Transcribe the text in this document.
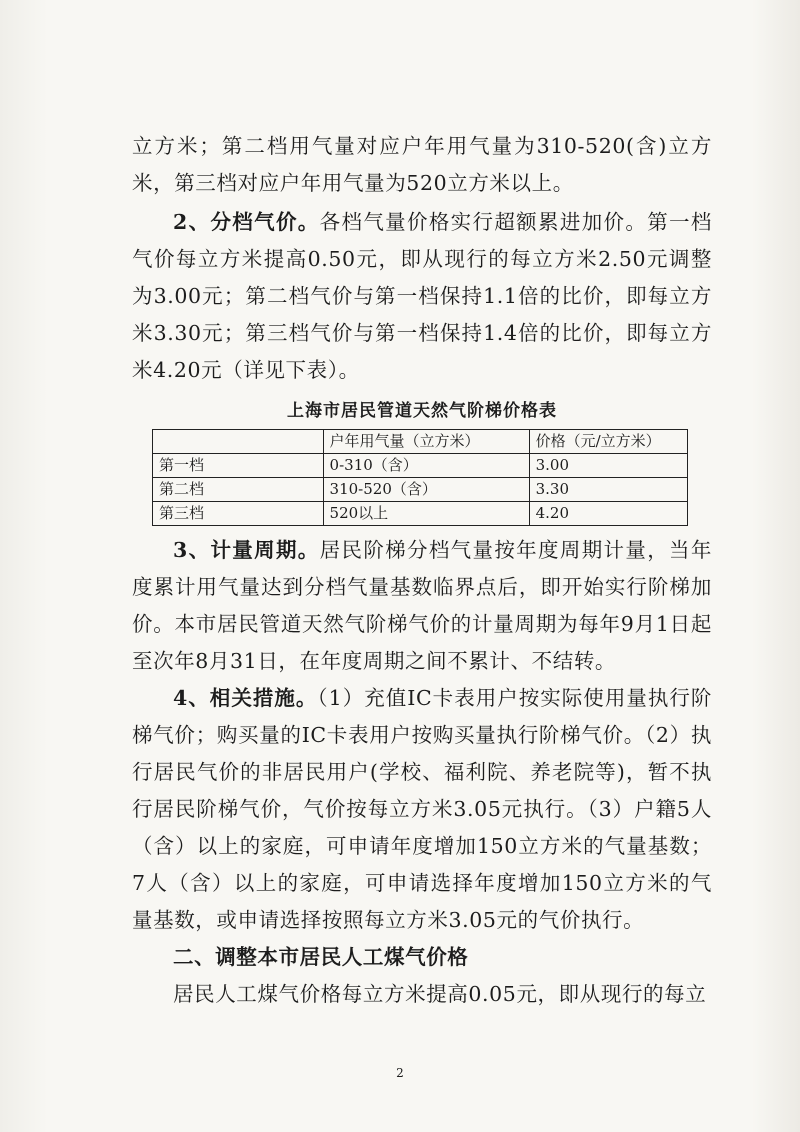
立方米；第二档用气量对应户年用气量为310-520(含)立方米，第三档对应户年用气量为520立方米以上。

2、分档气价。各档气量价格实行超额累进加价。第一档气价每立方米提高0.50元，即从现行的每立方米2.50元调整为3.00元；第二档气价与第一档保持1.1倍的比价，即每立方米3.30元；第三档气价与第一档保持1.4倍的比价，即每立方米4.20元（详见下表）。

上海市居民管道天然气阶梯价格表
	户年用气量（立方米）	价格（元/立方米）
第一档	0-310（含）	3.00
第二档	310-520（含）	3.30
第三档	520以上	4.20

3、计量周期。居民阶梯分档气量按年度周期计量，当年度累计用气量达到分档气量基数临界点后，即开始实行阶梯加价。本市居民管道天然气阶梯气价的计量周期为每年9月1日起至次年8月31日，在年度周期之间不累计、不结转。

4、相关措施。（1）充值IC卡表用户按实际使用量执行阶梯气价；购买量的IC卡表用户按购买量执行阶梯气价。（2）执行居民气价的非居民用户(学校、福利院、养老院等)，暂不执行居民阶梯气价，气价按每立方米3.05元执行。（3）户籍5人（含）以上的家庭，可申请年度增加150立方米的气量基数；7人（含）以上的家庭，可申请选择年度增加150立方米的气量基数，或申请选择按照每立方米3.05元的气价执行。

二、调整本市居民人工煤气价格

居民人工煤气价格每立方米提高0.05元，即从现行的每立

2
